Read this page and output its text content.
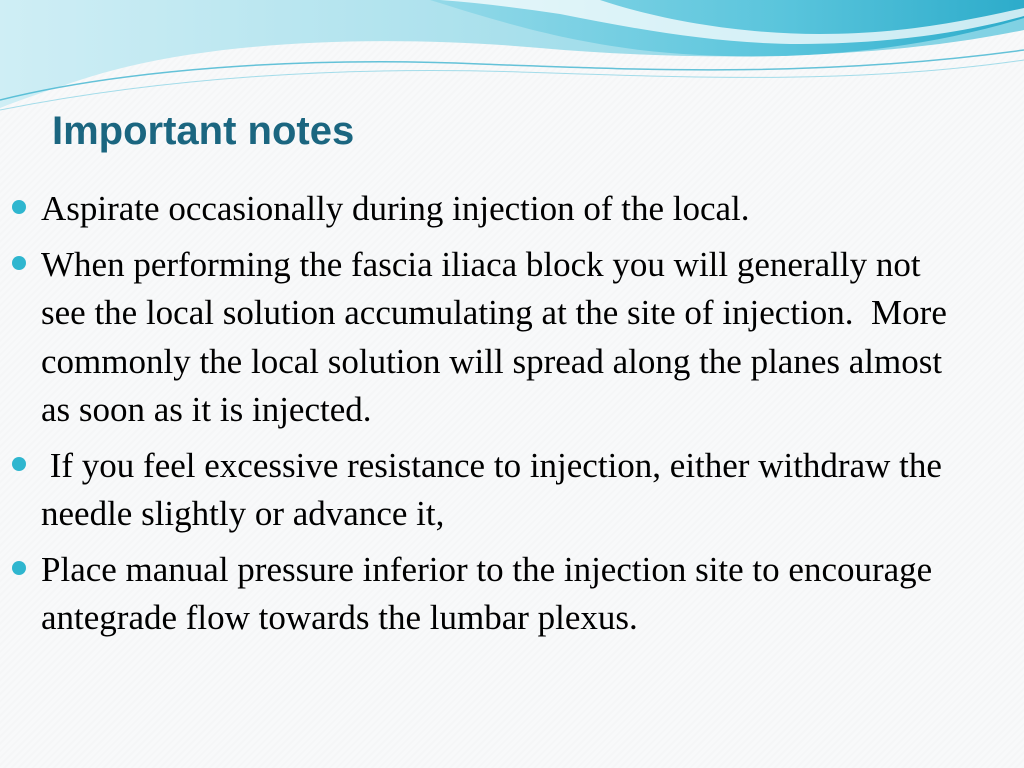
Important notes
Aspirate occasionally during injection of the local.
When performing the fascia iliaca block you will generally not see the local solution accumulating at the site of injection.  More commonly the local solution will spread along the planes almost as soon as it is injected.
If you feel excessive resistance to injection, either withdraw the needle slightly or advance it,
Place manual pressure inferior to the injection site to encourage antegrade flow towards the lumbar plexus.
